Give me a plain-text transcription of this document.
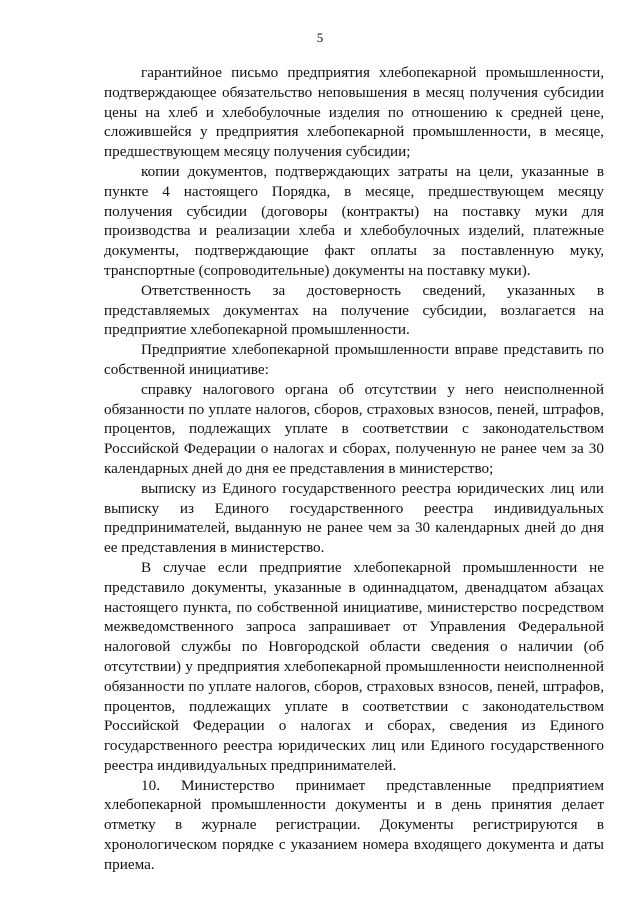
5

гарантийное письмо предприятия хлебопекарной промышленности, подтверждающее обязательство неповышения в месяц получения субсидии цены на хлеб и хлебобулочные изделия по отношению к средней цене, сложившейся у предприятия хлебопекарной промышленности, в месяце, предшествующем месяцу получения субсидии;

копии документов, подтверждающих затраты на цели, указанные в пункте 4 настоящего Порядка, в месяце, предшествующем месяцу получения субсидии (договоры (контракты) на поставку муки для производства и реализации хлеба и хлебобулочных изделий, платежные документы, подтверждающие факт оплаты за поставленную муку, транспортные (сопроводительные) документы на поставку муки).

Ответственность за достоверность сведений, указанных в представляемых документах на получение субсидии, возлагается на предприятие хлебопекарной промышленности.

Предприятие хлебопекарной промышленности вправе представить по собственной инициативе:

справку налогового органа об отсутствии у него неисполненной обязанности по уплате налогов, сборов, страховых взносов, пеней, штрафов, процентов, подлежащих уплате в соответствии с законодательством Российской Федерации о налогах и сборах, полученную не ранее чем за 30 календарных дней до дня ее представления в министерство;

выписку из Единого государственного реестра юридических лиц или выписку из Единого государственного реестра индивидуальных предпринимателей, выданную не ранее чем за 30 календарных дней до дня ее представления в министерство.

В случае если предприятие хлебопекарной промышленности не представило документы, указанные в одиннадцатом, двенадцатом абзацах настоящего пункта, по собственной инициативе, министерство посредством межведомственного запроса запрашивает от Управления Федеральной налоговой службы по Новгородской области сведения о наличии (об отсутствии) у предприятия хлебопекарной промышленности неисполненной обязанности по уплате налогов, сборов, страховых взносов, пеней, штрафов, процентов, подлежащих уплате в соответствии с законодательством Российской Федерации о налогах и сборах, сведения из Единого государственного реестра юридических лиц или Единого государственного реестра индивидуальных предпринимателей.

10. Министерство принимает представленные предприятием хлебопекарной промышленности документы и в день принятия делает отметку в журнале регистрации. Документы регистрируются в хронологическом порядке с указанием номера входящего документа и даты приема.
